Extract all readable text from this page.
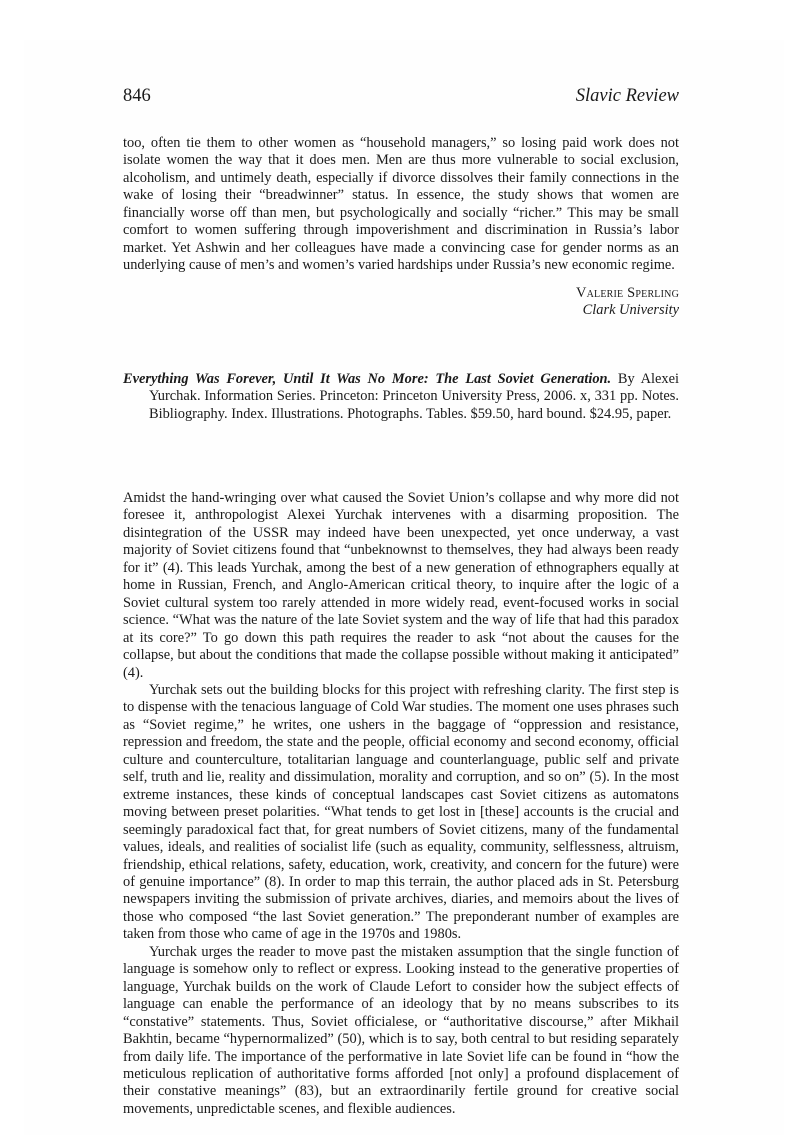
846	Slavic Review

too, often tie them to other women as “household managers,” so losing paid work does not isolate women the way that it does men. Men are thus more vulnerable to social exclusion, alcoholism, and untimely death, especially if divorce dissolves their family connections in the wake of losing their “breadwinner” status. In essence, the study shows that women are financially worse off than men, but psychologically and socially “richer.” This may be small comfort to women suffering through impoverishment and discrimination in Russia’s labor market. Yet Ashwin and her colleagues have made a convincing case for gender norms as an underlying cause of men’s and women’s varied hardships under Russia’s new economic regime.

Valerie Sperling
Clark University
Everything Was Forever, Until It Was No More: The Last Soviet Generation. By Alexei Yurchak. Information Series. Princeton: Princeton University Press, 2006. x, 331 pp. Notes. Bibliography. Index. Illustrations. Photographs. Tables. $59.50, hard bound. $24.95, paper.

Amidst the hand-wringing over what caused the Soviet Union’s collapse and why more did not foresee it, anthropologist Alexei Yurchak intervenes with a disarming proposition. The disintegration of the USSR may indeed have been unexpected, yet once underway, a vast majority of Soviet citizens found that “unbeknownst to themselves, they had always been ready for it” (4). This leads Yurchak, among the best of a new generation of ethnographers equally at home in Russian, French, and Anglo-American critical theory, to inquire after the logic of a Soviet cultural system too rarely attended in more widely read, event-focused works in social science. “What was the nature of the late Soviet system and the way of life that had this paradox at its core?” To go down this path requires the reader to ask “not about the causes for the collapse, but about the conditions that made the collapse possible without making it anticipated” (4).

Yurchak sets out the building blocks for this project with refreshing clarity. The first step is to dispense with the tenacious language of Cold War studies. The moment one uses phrases such as “Soviet regime,” he writes, one ushers in the baggage of “oppression and resistance, repression and freedom, the state and the people, official economy and second economy, official culture and counterculture, totalitarian language and counterlanguage, public self and private self, truth and lie, reality and dissimulation, morality and corruption, and so on” (5). In the most extreme instances, these kinds of conceptual landscapes cast Soviet citizens as automatons moving between preset polarities. “What tends to get lost in [these] accounts is the crucial and seemingly paradoxical fact that, for great numbers of Soviet citizens, many of the fundamental values, ideals, and realities of socialist life (such as equality, community, selflessness, altruism, friendship, ethical relations, safety, education, work, creativity, and concern for the future) were of genuine importance” (8). In order to map this terrain, the author placed ads in St. Petersburg newspapers inviting the submission of private archives, diaries, and memoirs about the lives of those who composed “the last Soviet generation.” The preponderant number of examples are taken from those who came of age in the 1970s and 1980s.

Yurchak urges the reader to move past the mistaken assumption that the single function of language is somehow only to reflect or express. Looking instead to the generative properties of language, Yurchak builds on the work of Claude Lefort to consider how the subject effects of language can enable the performance of an ideology that by no means subscribes to its “constative” statements. Thus, Soviet officialese, or “authoritative discourse,” after Mikhail Bakhtin, became “hypernormalized” (50), which is to say, both central to but residing separately from daily life. The importance of the performative in late Soviet life can be found in “how the meticulous replication of authoritative forms afforded [not only] a profound displacement of their constative meanings” (83), but an extraordinarily fertile ground for creative social movements, unpredictable scenes, and flexible audiences.
